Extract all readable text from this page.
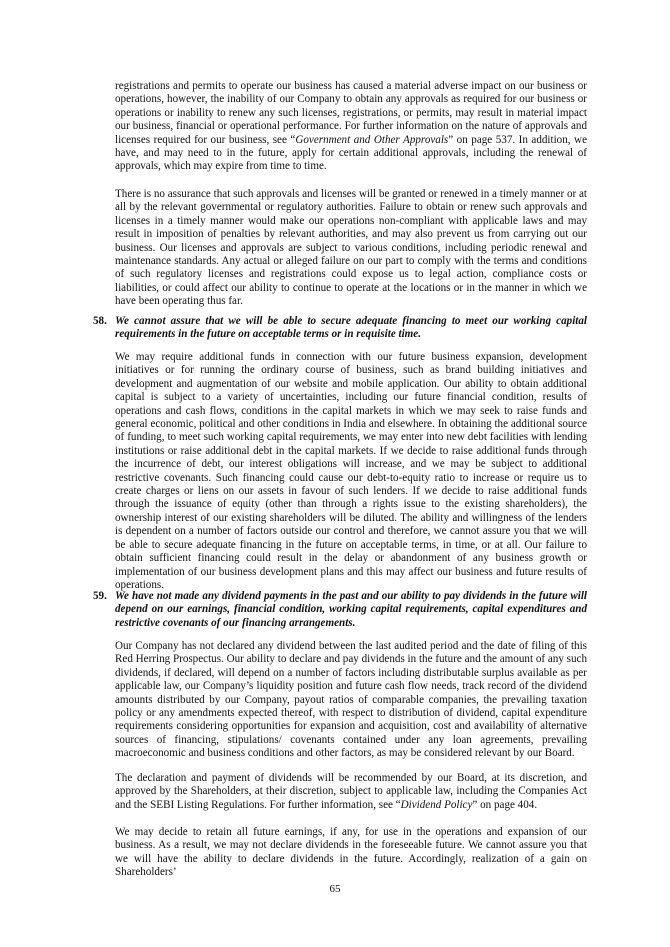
registrations and permits to operate our business has caused a material adverse impact on our business or operations, however, the inability of our Company to obtain any approvals as required for our business or operations or inability to renew any such licenses, registrations, or permits, may result in material impact our business, financial or operational performance. For further information on the nature of approvals and licenses required for our business, see “Government and Other Approvals” on page 537. In addition, we have, and may need to in the future, apply for certain additional approvals, including the renewal of approvals, which may expire from time to time.

There is no assurance that such approvals and licenses will be granted or renewed in a timely manner or at all by the relevant governmental or regulatory authorities. Failure to obtain or renew such approvals and licenses in a timely manner would make our operations non-compliant with applicable laws and may result in imposition of penalties by relevant authorities, and may also prevent us from carrying out our business. Our licenses and approvals are subject to various conditions, including periodic renewal and maintenance standards. Any actual or alleged failure on our part to comply with the terms and conditions of such regulatory licenses and registrations could expose us to legal action, compliance costs or liabilities, or could affect our ability to continue to operate at the locations or in the manner in which we have been operating thus far.

58. We cannot assure that we will be able to secure adequate financing to meet our working capital requirements in the future on acceptable terms or in requisite time.

We may require additional funds in connection with our future business expansion, development initiatives or for running the ordinary course of business, such as brand building initiatives and development and augmentation of our website and mobile application. Our ability to obtain additional capital is subject to a variety of uncertainties, including our future financial condition, results of operations and cash flows, conditions in the capital markets in which we may seek to raise funds and general economic, political and other conditions in India and elsewhere. In obtaining the additional source of funding, to meet such working capital requirements, we may enter into new debt facilities with lending institutions or raise additional debt in the capital markets. If we decide to raise additional funds through the incurrence of debt, our interest obligations will increase, and we may be subject to additional restrictive covenants. Such financing could cause our debt-to-equity ratio to increase or require us to create charges or liens on our assets in favour of such lenders. If we decide to raise additional funds through the issuance of equity (other than through a rights issue to the existing shareholders), the ownership interest of our existing shareholders will be diluted. The ability and willingness of the lenders is dependent on a number of factors outside our control and therefore, we cannot assure you that we will be able to secure adequate financing in the future on acceptable terms, in time, or at all. Our failure to obtain sufficient financing could result in the delay or abandonment of any business growth or implementation of our business development plans and this may affect our business and future results of operations.

59. We have not made any dividend payments in the past and our ability to pay dividends in the future will depend on our earnings, financial condition, working capital requirements, capital expenditures and restrictive covenants of our financing arrangements.

Our Company has not declared any dividend between the last audited period and the date of filing of this Red Herring Prospectus. Our ability to declare and pay dividends in the future and the amount of any such dividends, if declared, will depend on a number of factors including distributable surplus available as per applicable law, our Company’s liquidity position and future cash flow needs, track record of the dividend amounts distributed by our Company, payout ratios of comparable companies, the prevailing taxation policy or any amendments expected thereof, with respect to distribution of dividend, capital expenditure requirements considering opportunities for expansion and acquisition, cost and availability of alternative sources of financing, stipulations/ covenants contained under any loan agreements, prevailing macroeconomic and business conditions and other factors, as may be considered relevant by our Board.

The declaration and payment of dividends will be recommended by our Board, at its discretion, and approved by the Shareholders, at their discretion, subject to applicable law, including the Companies Act and the SEBI Listing Regulations. For further information, see “Dividend Policy” on page 404.

We may decide to retain all future earnings, if any, for use in the operations and expansion of our business. As a result, we may not declare dividends in the foreseeable future. We cannot assure you that we will have the ability to declare dividends in the future. Accordingly, realization of a gain on Shareholders’

65
